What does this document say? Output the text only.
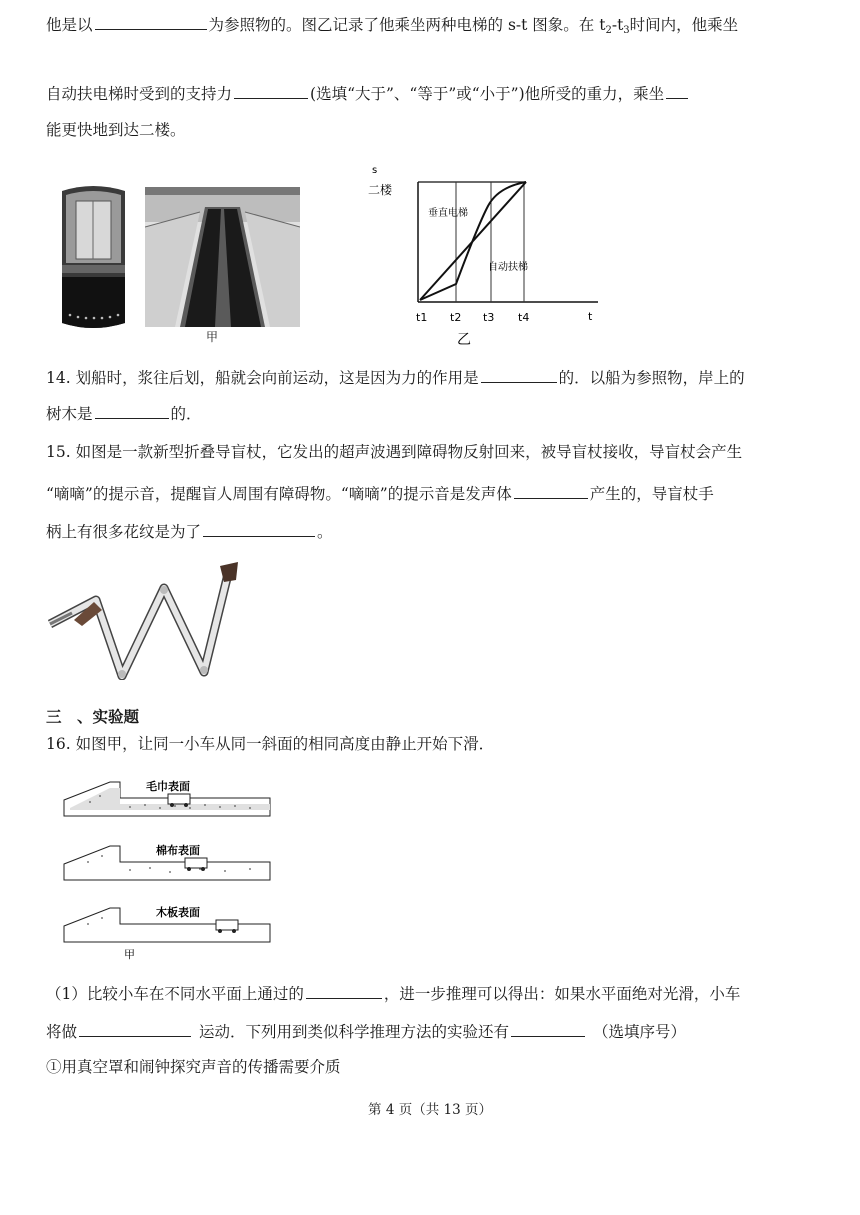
他是以	为参照物的。图乙记录了他乘坐两种电梯的 s-t 图象。在 $t_2-t_3$时间内，他乘坐
自动扶电梯时受到的支持力	(选填“大于”、“等于”或“小于”)他所受的重力，乘坐
能更快地到达二楼。
甲
s
二楼
垂直电梯
自动扶梯
t1 t2 t3 t4	t
乙
14. 划船时，浆往后划，船就会向前运动，这是因为力的作用是	的．以船为参照物，岸上的
树木是	的．
15. 如图是一款新型折叠导盲杖，它发出的超声波遇到障碍物反射回来，被导盲杖接收，导盲杖会产生
“嘀嘀”的提示音，提醒盲人周围有障碍物。“嘀嘀”的提示音是发声体	产生的，导盲杖手
柄上有很多花纹是为了	。
三　、实验题
16. 如图甲，让同一小车从同一斜面的相同高度由静止开始下滑．
毛巾表面
棉布表面
木板表面
甲
（1）比较小车在不同水平面上通过的	，进一步推理可以得出：如果水平面绝对光滑，小车
将做	运动．下列用到类似科学推理方法的实验还有	（选填序号）
①用真空罩和闹钟探究声音的传播需要介质
第 4 页（共 13 页）
